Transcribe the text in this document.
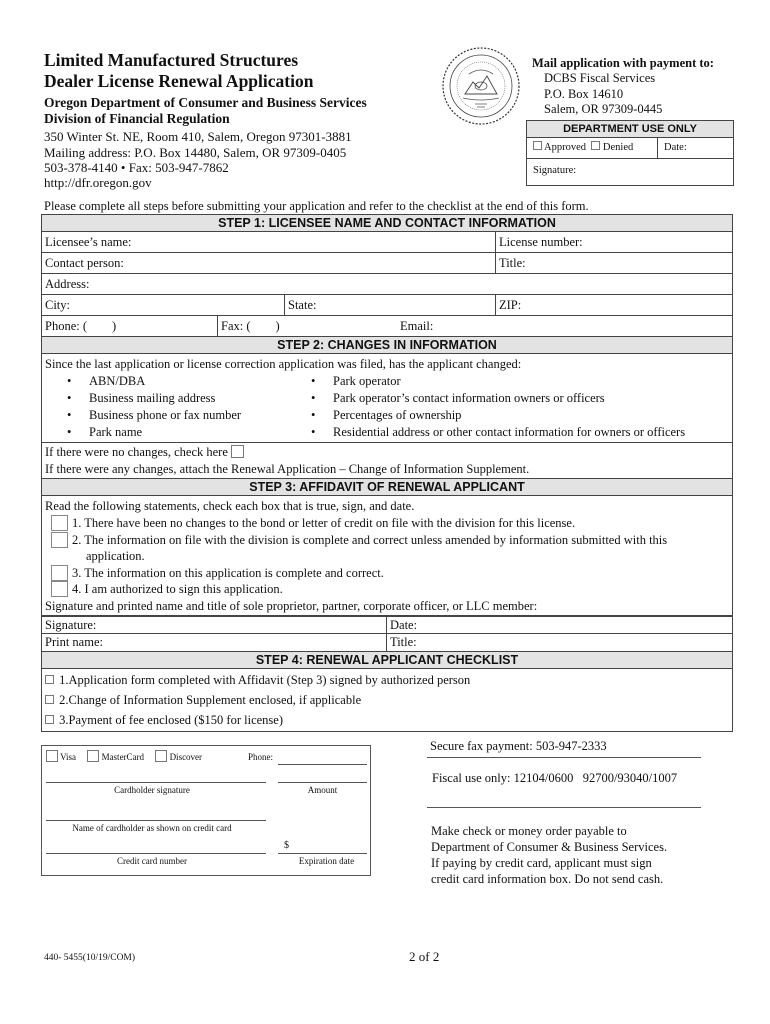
Limited Manufactured Structures
Dealer License Renewal Application
Oregon Department of Consumer and Business Services
Division of Financial Regulation
350 Winter St. NE, Room 410, Salem, Oregon 97301-3881
Mailing address: P.O. Box 14480, Salem, OR 97309-0405
503-378-4140 • Fax: 503-947-7862
http://dfr.oregon.gov
Mail application with payment to:
DCBS Fiscal Services
P.O. Box 14610
Salem, OR 97309-0445
DEPARTMENT USE ONLY
Approved Denied	Date:
Signature:
Please complete all steps before submitting your application and refer to the checklist at the end of this form.
STEP 1: LICENSEE NAME AND CONTACT INFORMATION
Licensee’s name:	License number:
Contact person:	Title:
Address:
City:	State:	ZIP:
Phone: (        )	Fax: (        )	Email:
STEP 2: CHANGES IN INFORMATION
Since the last application or license correction application was filed, has the applicant changed:
• ABN/DBA
• Business mailing address
• Business phone or fax number
• Park name
• Park operator
• Park operator’s contact information owners or officers
• Percentages of ownership
• Residential address or other contact information for owners or officers
If there were no changes, check here
If there were any changes, attach the Renewal Application – Change of Information Supplement.
STEP 3: AFFIDAVIT OF RENEWAL APPLICANT
Read the following statements, check each box that is true, sign, and date.
1. There have been no changes to the bond or letter of credit on file with the division for this license.
2. The information on file with the division is complete and correct unless amended by information submitted with this
application.
3. The information on this application is complete and correct.
4. I am authorized to sign this application.
Signature and printed name and title of sole proprietor, partner, corporate officer, or LLC member:
Signature:	Date:
Print name:	Title:
STEP 4: RENEWAL APPLICANT CHECKLIST
1.Application form completed with Affidavit (Step 3) signed by authorized person
2.Change of Information Supplement enclosed, if applicable
3.Payment of fee enclosed ($150 for license)
Visa	MasterCard	Discover	Phone:
Cardholder signature	Amount
Name of cardholder as shown on credit card
$
Credit card number	Expiration date
Secure fax payment: 503-947-2333
Fiscal use only: 12104/0600   92700/93040/1007
Make check or money order payable to
Department of Consumer & Business Services.
If paying by credit card, applicant must sign
credit card information box. Do not send cash.
440- 5455(10/19/COM)	2 of 2
